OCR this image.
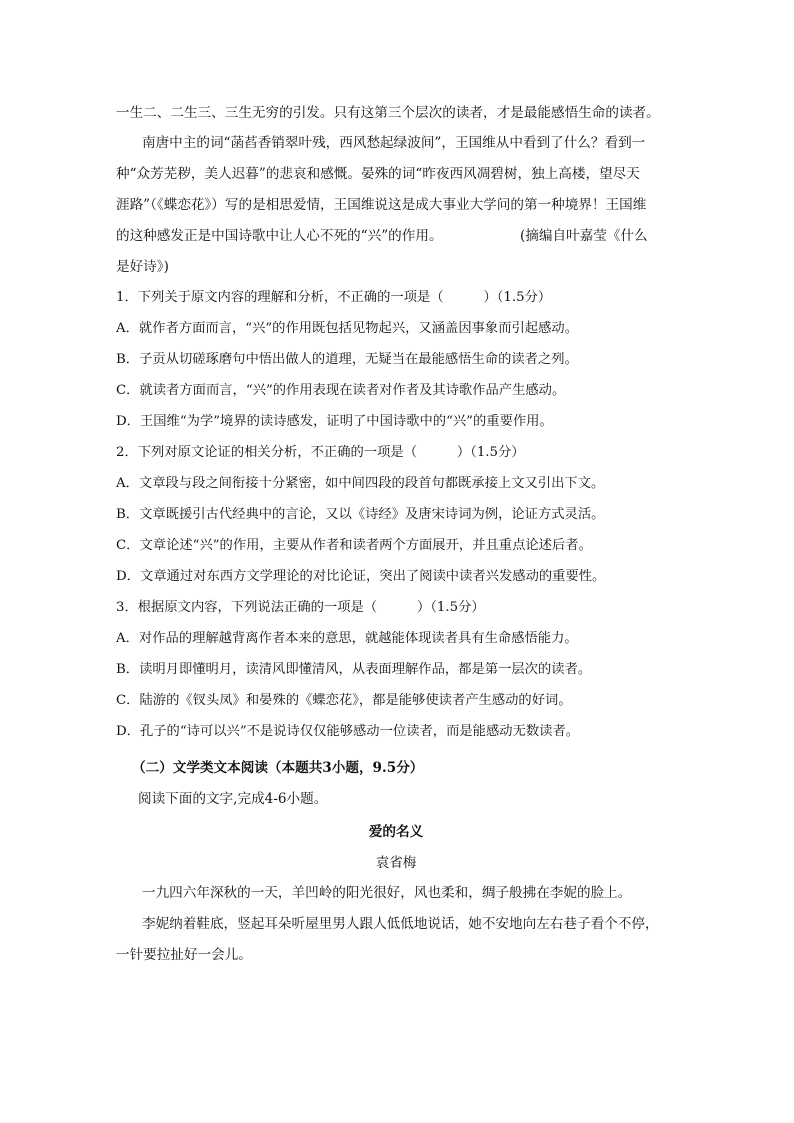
一生二、二生三、三生无穷的引发。只有这第三个层次的读者，才是最能感悟生命的读者。
南唐中主的词“菡萏香销翠叶残，西风愁起绿波间”，王国维从中看到了什么？看到一
种“众芳芜秽，美人迟暮”的悲哀和感慨。晏殊的词“昨夜西风凋碧树，独上高楼，望尽天
涯路”（《蝶恋花》）写的是相思爱情，王国维说这是成大事业大学问的第一种境界！王国维
的这种感发正是中国诗歌中让人心不死的“兴”的作用。	(摘编自叶嘉莹《什么
是好诗》)
1．下列关于原文内容的理解和分析，不正确的一项是（　　　）（1.5分）
A．就作者方面而言，“兴”的作用既包括见物起兴，又涵盖因事象而引起感动。
B．子贡从切磋琢磨句中悟出做人的道理，无疑当在最能感悟生命的读者之列。
C．就读者方面而言，“兴”的作用表现在读者对作者及其诗歌作品产生感动。
D．王国维“为学”境界的读诗感发，证明了中国诗歌中的“兴”的重要作用。
2．下列对原文论证的相关分析，不正确的一项是（　　　）（1.5分）
A．文章段与段之间衔接十分紧密，如中间四段的段首句都既承接上文又引出下文。
B．文章既援引古代经典中的言论，又以《诗经》及唐宋诗词为例，论证方式灵活。
C．文章论述“兴”的作用，主要从作者和读者两个方面展开，并且重点论述后者。
D．文章通过对东西方文学理论的对比论证，突出了阅读中读者兴发感动的重要性。
3．根据原文内容，下列说法正确的一项是（　　　）（1.5分）
A．对作品的理解越背离作者本来的意思，就越能体现读者具有生命感悟能力。
B．读明月即懂明月，读清风即懂清风，从表面理解作品，都是第一层次的读者。
C．陆游的《钗头凤》和晏殊的《蝶恋花》，都是能够使读者产生感动的好词。
D．孔子的“诗可以兴”不是说诗仅仅能够感动一位读者，而是能感动无数读者。
（二）文学类文本阅读（本题共3小题，9.5分）
阅读下面的文字,完成4-6小题。
爱的名义
袁省梅
一九四六年深秋的一天，羊凹岭的阳光很好，风也柔和，绸子般拂在李妮的脸上。
李妮纳着鞋底，竖起耳朵听屋里男人跟人低低地说话，她不安地向左右巷子看个不停，
一针要拉扯好一会儿。
